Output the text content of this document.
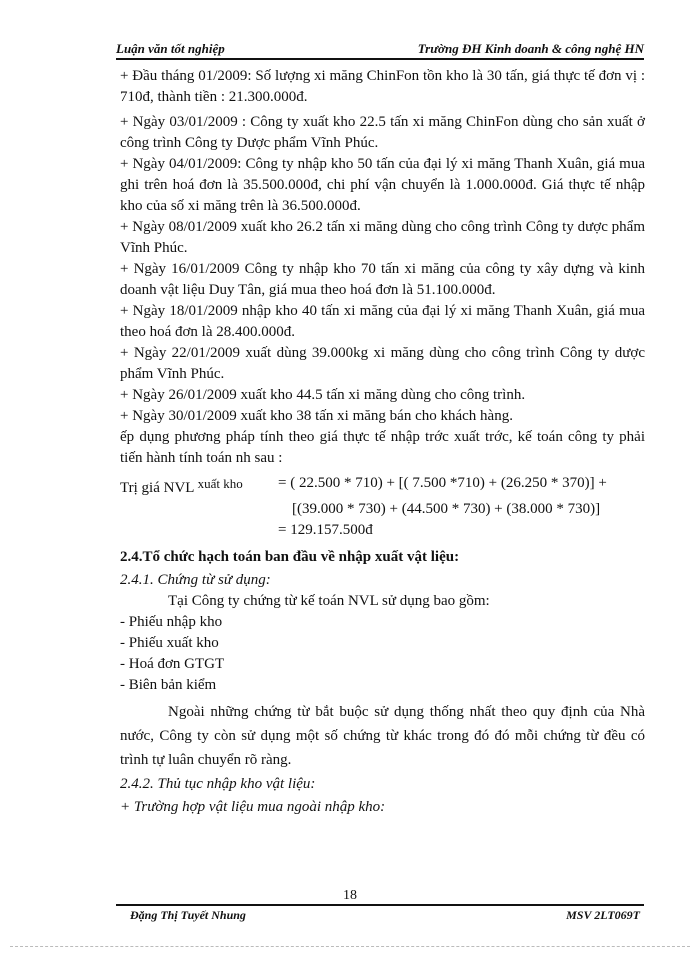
Luận văn tốt nghiệp	Trường ĐH Kinh doanh & công nghệ HN

+ Đầu tháng 01/2009: Số lượng xi măng ChinFon tồn kho là 30 tấn, giá thực tế đơn vị : 710đ, thành tiền : 21.300.000đ.

+ Ngày 03/01/2009 : Công ty xuất kho 22.5 tấn xi măng ChinFon dùng cho sản xuất ở công trình Công ty Dược phẩm Vĩnh Phúc.

+ Ngày 04/01/2009: Công ty nhập kho 50 tấn của đại lý xi măng Thanh Xuân, giá mua ghi trên hoá đơn là 35.500.000đ, chi phí vận chuyển là 1.000.000đ. Giá thực tế nhập kho của số xi măng trên là 36.500.000đ.

+ Ngày 08/01/2009 xuất kho 26.2 tấn xi măng dùng cho công trình Công ty dược phẩm Vĩnh Phúc.

+ Ngày 16/01/2009 Công ty nhập kho 70 tấn xi măng của công ty xây dựng và kinh doanh vật liệu Duy Tân, giá mua theo hoá đơn là 51.100.000đ.

+ Ngày 18/01/2009 nhập kho 40 tấn xi măng của đại lý xi măng Thanh Xuân, giá mua theo hoá đơn là 28.400.000đ.

+ Ngày 22/01/2009 xuất dùng 39.000kg xi măng dùng cho công trình Công ty dược phẩm Vĩnh Phúc.

+ Ngày 26/01/2009 xuất kho 44.5 tấn xi măng dùng cho công trình.

+ Ngày 30/01/2009 xuất kho 38 tấn xi măng bán cho khách hàng.

ếp dụng phương pháp tính theo giá thực tế nhập trớc xuất trớc, kế toán công ty phải tiến hành tính toán nh sau :

Trị giá NVL $^{xuất kho}$	= ( 22.500 * 710) + [( 7.500 *710) + (26.250 * 370)] +
[(39.000 * 730) + (44.500 * 730) + (38.000 * 730)]
= 129.157.500đ
2.4.Tổ chức hạch toán ban đầu về nhập xuất vật liệu:
2.4.1. Chứng từ sử dụng:

Tại Công ty chứng từ kế toán NVL sử dụng bao gồm:

- Phiếu nhập kho

- Phiếu xuất kho

- Hoá đơn GTGT

- Biên bản kiểm

Ngoài những chứng từ bắt buộc sử dụng thống nhất theo quy định của Nhà nước, Công ty còn sử dụng một số chứng từ khác trong đó đó mỗi chứng từ đều có trình tự luân chuyển rõ ràng.

2.4.2. Thủ tục nhập kho vật liệu:
+ Trường hợp vật liệu mua ngoài nhập kho:
18
Đặng Thị Tuyết Nhung	MSV 2LT069T
